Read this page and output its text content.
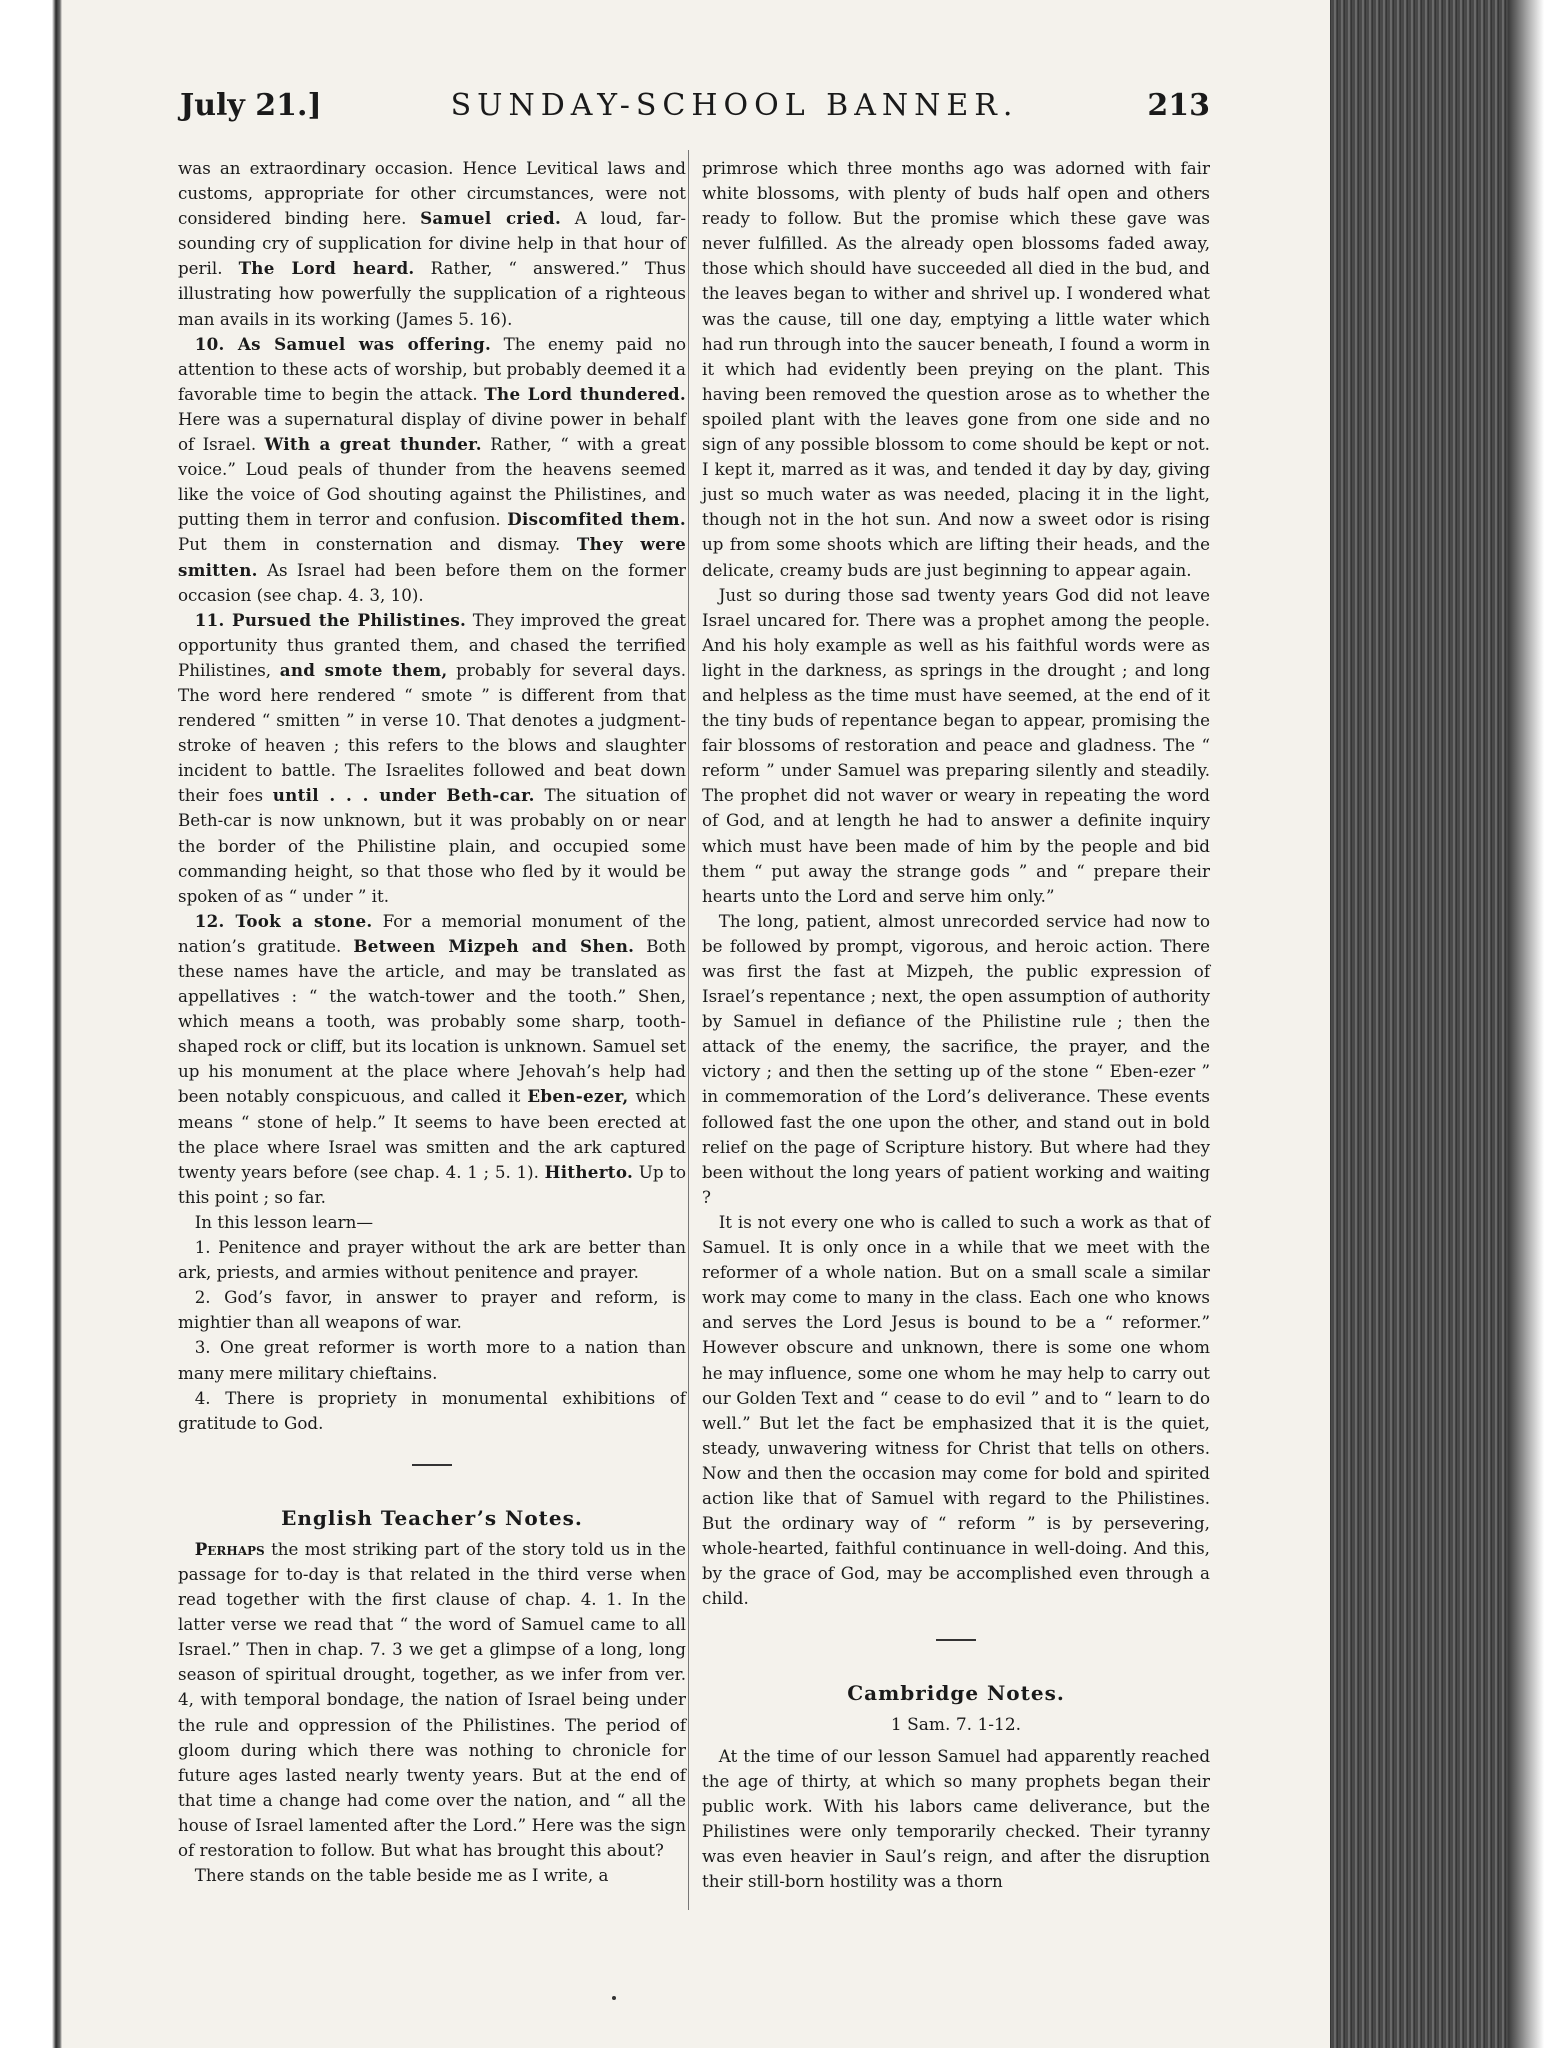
July 21.]	SUNDAY-SCHOOL BANNER.	213

was an extraordinary occasion. Hence Levitical laws and customs, appropriate for other circumstances, were not considered binding here. Samuel cried. A loud, far-sounding cry of supplication for divine help in that hour of peril. The Lord heard. Rather, “ answered.” Thus illustrating how powerfully the supplication of a righteous man avails in its working (James 5. 16).

10. As Samuel was offering. The enemy paid no attention to these acts of worship, but probably deemed it a favorable time to begin the attack. The Lord thundered. Here was a supernatural display of divine power in behalf of Israel. With a great thunder. Rather, “ with a great voice.” Loud peals of thunder from the heavens seemed like the voice of God shouting against the Philistines, and putting them in terror and confusion. Discomfited them. Put them in consternation and dismay. They were smitten. As Israel had been before them on the former occasion (see chap. 4. 3, 10).

11. Pursued the Philistines. They improved the great opportunity thus granted them, and chased the terrified Philistines, and smote them, probably for several days. The word here rendered “ smote ” is different from that rendered “ smitten ” in verse 10. That denotes a judgment-stroke of heaven ; this refers to the blows and slaughter incident to battle. The Israelites followed and beat down their foes until . . . under Beth-car. The situation of Beth-car is now unknown, but it was probably on or near the border of the Philistine plain, and occupied some commanding height, so that those who fled by it would be spoken of as “ under ” it.

12. Took a stone. For a memorial monument of the nation’s gratitude. Between Mizpeh and Shen. Both these names have the article, and may be translated as appellatives : “ the watch-tower and the tooth.” Shen, which means a tooth, was probably some sharp, tooth-shaped rock or cliff, but its location is unknown. Samuel set up his monument at the place where Jehovah’s help had been notably conspicuous, and called it Eben-ezer, which means “ stone of help.” It seems to have been erected at the place where Israel was smitten and the ark captured twenty years before (see chap. 4. 1 ; 5. 1). Hitherto. Up to this point ; so far.

In this lesson learn—

1. Penitence and prayer without the ark are better than ark, priests, and armies without penitence and prayer.

2. God’s favor, in answer to prayer and reform, is mightier than all weapons of war.

3. One great reformer is worth more to a nation than many mere military chieftains.

4. There is propriety in monumental exhibitions of gratitude to God.

English Teacher’s Notes.

Perhaps the most striking part of the story told us in the passage for to-day is that related in the third verse when read together with the first clause of chap. 4. 1. In the latter verse we read that “ the word of Samuel came to all Israel.” Then in chap. 7. 3 we get a glimpse of a long, long season of spiritual drought, together, as we infer from ver. 4, with temporal bondage, the nation of Israel being under the rule and oppression of the Philistines. The period of gloom during which there was nothing to chronicle for future ages lasted nearly twenty years. But at the end of that time a change had come over the nation, and “ all the house of Israel lamented after the Lord.” Here was the sign of restoration to follow. But what has brought this about?

There stands on the table beside me as I write, a

primrose which three months ago was adorned with fair white blossoms, with plenty of buds half open and others ready to follow. But the promise which these gave was never fulfilled. As the already open blossoms faded away, those which should have succeeded all died in the bud, and the leaves began to wither and shrivel up. I wondered what was the cause, till one day, emptying a little water which had run through into the saucer beneath, I found a worm in it which had evidently been preying on the plant. This having been removed the question arose as to whether the spoiled plant with the leaves gone from one side and no sign of any possible blossom to come should be kept or not. I kept it, marred as it was, and tended it day by day, giving just so much water as was needed, placing it in the light, though not in the hot sun. And now a sweet odor is rising up from some shoots which are lifting their heads, and the delicate, creamy buds are just beginning to appear again.

Just so during those sad twenty years God did not leave Israel uncared for. There was a prophet among the people. And his holy example as well as his faithful words were as light in the darkness, as springs in the drought ; and long and helpless as the time must have seemed, at the end of it the tiny buds of repentance began to appear, promising the fair blossoms of restoration and peace and gladness. The “ reform ” under Samuel was preparing silently and steadily. The prophet did not waver or weary in repeating the word of God, and at length he had to answer a definite inquiry which must have been made of him by the people and bid them “ put away the strange gods ” and “ prepare their hearts unto the Lord and serve him only.”

The long, patient, almost unrecorded service had now to be followed by prompt, vigorous, and heroic action. There was first the fast at Mizpeh, the public expression of Israel’s repentance ; next, the open assumption of authority by Samuel in defiance of the Philistine rule ; then the attack of the enemy, the sacrifice, the prayer, and the victory ; and then the setting up of the stone “ Eben-ezer ” in commemoration of the Lord’s deliverance. These events followed fast the one upon the other, and stand out in bold relief on the page of Scripture history. But where had they been without the long years of patient working and waiting ?

It is not every one who is called to such a work as that of Samuel. It is only once in a while that we meet with the reformer of a whole nation. But on a small scale a similar work may come to many in the class. Each one who knows and serves the Lord Jesus is bound to be a “ reformer.” However obscure and unknown, there is some one whom he may influence, some one whom he may help to carry out our Golden Text and “ cease to do evil ” and to “ learn to do well.” But let the fact be emphasized that it is the quiet, steady, unwavering witness for Christ that tells on others. Now and then the occasion may come for bold and spirited action like that of Samuel with regard to the Philistines. But the ordinary way of “ reform ” is by persevering, whole-hearted, faithful continuance in well-doing. And this, by the grace of God, may be accomplished even through a child.

Cambridge Notes.
1 Sam. 7. 1-12.

At the time of our lesson Samuel had apparently reached the age of thirty, at which so many prophets began their public work. With his labors came deliverance, but the Philistines were only temporarily checked. Their tyranny was even heavier in Saul’s reign, and after the disruption their still-born hostility was a thorn
